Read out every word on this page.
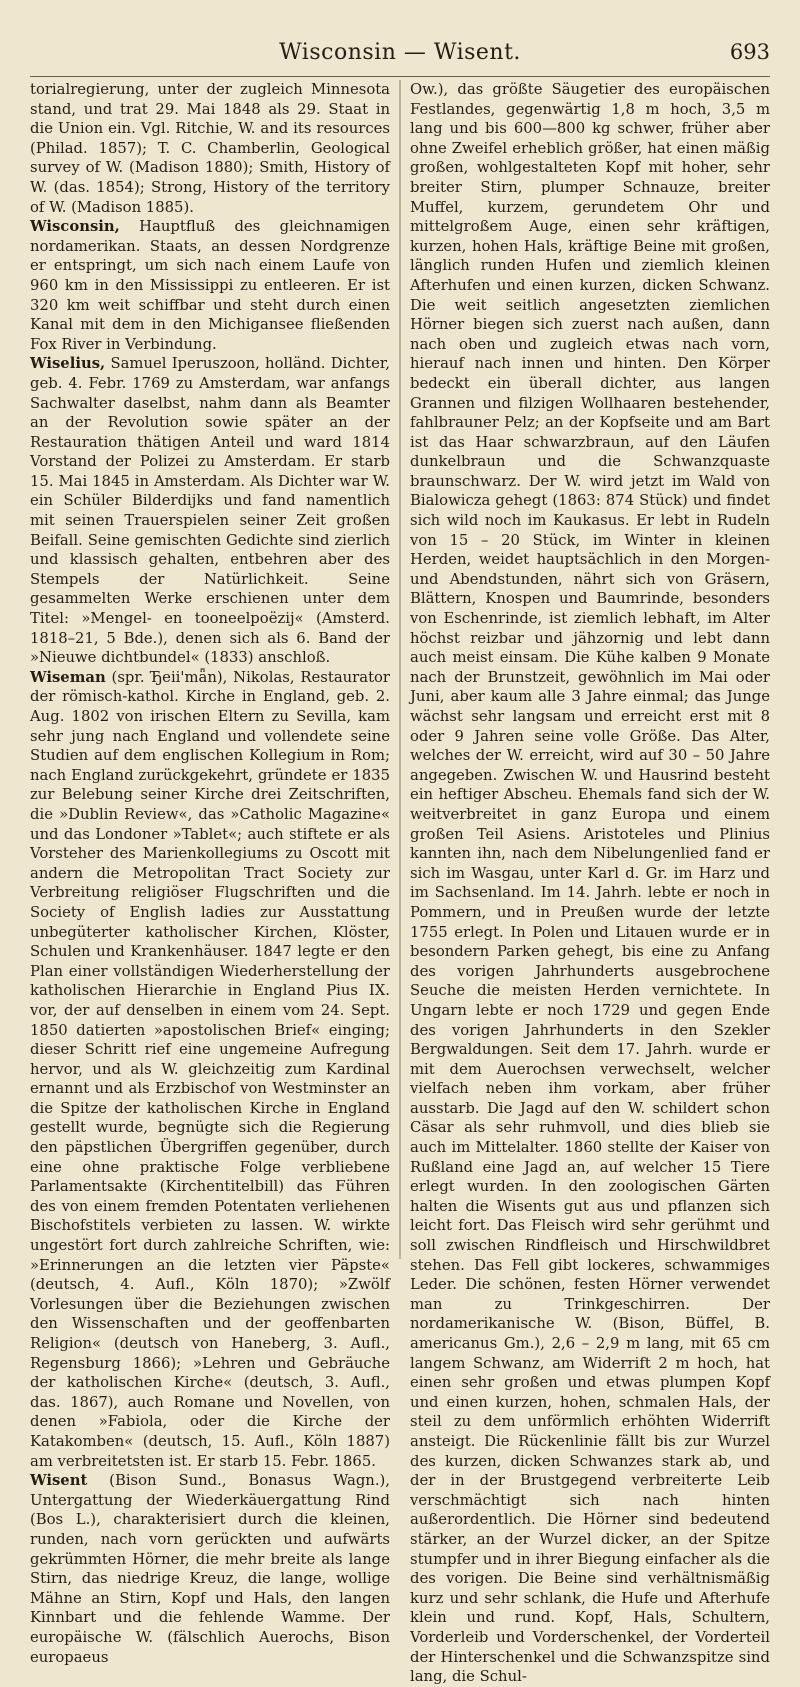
Wisconsin — Wisent.	693

torialregierung, unter der zugleich Minnesota stand, und trat 29. Mai 1848 als 29. Staat in die Union ein. Vgl. Ritchie, W. and its resources (Philad. 1857); T. C. Chamberlin, Geological survey of W. (Madison 1880); Smith, History of W. (das. 1854); Strong, History of the territory of W. (Madison 1885).

Wisconsin, Hauptfluß des gleichnamigen nordamerikan. Staats, an dessen Nordgrenze er entspringt, um sich nach einem Laufe von 960 km in den Mississippi zu entleeren. Er ist 320 km weit schiffbar und steht durch einen Kanal mit dem in den Michigansee fließenden Fox River in Verbindung.

Wiselius, Samuel Iperuszoon, holländ. Dichter, geb. 4. Febr. 1769 zu Amsterdam, war anfangs Sachwalter daselbst, nahm dann als Beamter an der Revolution sowie später an der Restauration thätigen Anteil und ward 1814 Vorstand der Polizei zu Amsterdam. Er starb 15. Mai 1845 in Amsterdam. Als Dichter war W. ein Schüler Bilderdijks und fand namentlich mit seinen Trauerspielen seiner Zeit großen Beifall. Seine gemischten Gedichte sind zierlich und klassisch gehalten, entbehren aber des Stempels der Natürlichkeit. Seine gesammelten Werke erschienen unter dem Titel: »Mengel- en tooneelpoëzij« (Amsterd. 1818–21, 5 Bde.), denen sich als 6. Band der »Nieuwe dichtbundel« (1833) anschloß.

Wiseman (spr. Ђeii'mǟn), Nikolas, Restaurator der römisch-kathol. Kirche in England, geb. 2. Aug. 1802 von irischen Eltern zu Sevilla, kam sehr jung nach England und vollendete seine Studien auf dem englischen Kollegium in Rom; nach England zurückgekehrt, gründete er 1835 zur Belebung seiner Kirche drei Zeitschriften, die »Dublin Review«, das »Catholic Magazine« und das Londoner »Tablet«; auch stiftete er als Vorsteher des Marienkollegiums zu Oscott mit andern die Metropolitan Tract Society zur Verbreitung religiöser Flugschriften und die Society of English ladies zur Ausstattung unbegüterter katholischer Kirchen, Klöster, Schulen und Krankenhäuser. 1847 legte er den Plan einer vollständigen Wiederherstellung der katholischen Hierarchie in England Pius IX. vor, der auf denselben in einem vom 24. Sept. 1850 datierten »apostolischen Brief« einging; dieser Schritt rief eine ungemeine Aufregung hervor, und als W. gleichzeitig zum Kardinal ernannt und als Erzbischof von Westminster an die Spitze der katholischen Kirche in England gestellt wurde, begnügte sich die Regierung den päpstlichen Übergriffen gegenüber, durch eine ohne praktische Folge verbliebene Parlamentsakte (Kirchentitelbill) das Führen des von einem fremden Potentaten verliehenen Bischofstitels verbieten zu lassen. W. wirkte ungestört fort durch zahlreiche Schriften, wie: »Erinnerungen an die letzten vier Päpste« (deutsch, 4. Aufl., Köln 1870); »Zwölf Vorlesungen über die Beziehungen zwischen den Wissenschaften und der geoffenbarten Religion« (deutsch von Haneberg, 3. Aufl., Regensburg 1866); »Lehren und Gebräuche der katholischen Kirche« (deutsch, 3. Aufl., das. 1867), auch Romane und Novellen, von denen »Fabiola, oder die Kirche der Katakomben« (deutsch, 15. Aufl., Köln 1887) am verbreitetsten ist. Er starb 15. Febr. 1865.

Wisent (Bison Sund., Bonasus Wagn.), Untergattung der Wiederkäuergattung Rind (Bos L.), charakterisiert durch die kleinen, runden, nach vorn gerückten und aufwärts gekrümmten Hörner, die mehr breite als lange Stirn, das niedrige Kreuz, die lange, wollige Mähne an Stirn, Kopf und Hals, den langen Kinnbart und die fehlende Wamme. Der europäische W. (fälschlich Auerochs, Bison europaeus

Ow.), das größte Säugetier des europäischen Festlandes, gegenwärtig 1,8 m hoch, 3,5 m lang und bis 600—800 kg schwer, früher aber ohne Zweifel erheblich größer, hat einen mäßig großen, wohlgestalteten Kopf mit hoher, sehr breiter Stirn, plumper Schnauze, breiter Muffel, kurzem, gerundetem Ohr und mittelgroßem Auge, einen sehr kräftigen, kurzen, hohen Hals, kräftige Beine mit großen, länglich runden Hufen und ziemlich kleinen Afterhufen und einen kurzen, dicken Schwanz. Die weit seitlich angesetzten ziemlichen Hörner biegen sich zuerst nach außen, dann nach oben und zugleich etwas nach vorn, hierauf nach innen und hinten. Den Körper bedeckt ein überall dichter, aus langen Grannen und filzigen Wollhaaren bestehender, fahlbrauner Pelz; an der Kopfseite und am Bart ist das Haar schwarzbraun, auf den Läufen dunkelbraun und die Schwanzquaste braunschwarz. Der W. wird jetzt im Wald von Bialowicza gehegt (1863: 874 Stück) und findet sich wild noch im Kaukasus. Er lebt in Rudeln von 15 – 20 Stück, im Winter in kleinen Herden, weidet hauptsächlich in den Morgen- und Abendstunden, nährt sich von Gräsern, Blättern, Knospen und Baumrinde, besonders von Eschenrinde, ist ziemlich lebhaft, im Alter höchst reizbar und jähzornig und lebt dann auch meist einsam. Die Kühe kalben 9 Monate nach der Brunstzeit, gewöhnlich im Mai oder Juni, aber kaum alle 3 Jahre einmal; das Junge wächst sehr langsam und erreicht erst mit 8 oder 9 Jahren seine volle Größe. Das Alter, welches der W. erreicht, wird auf 30 – 50 Jahre angegeben. Zwischen W. und Hausrind besteht ein heftiger Abscheu. Ehemals fand sich der W. weitverbreitet in ganz Europa und einem großen Teil Asiens. Aristoteles und Plinius kannten ihn, nach dem Nibelungenlied fand er sich im Wasgau, unter Karl d. Gr. im Harz und im Sachsenland. Im 14. Jahrh. lebte er noch in Pommern, und in Preußen wurde der letzte 1755 erlegt. In Polen und Litauen wurde er in besondern Parken gehegt, bis eine zu Anfang des vorigen Jahrhunderts ausgebrochene Seuche die meisten Herden vernichtete. In Ungarn lebte er noch 1729 und gegen Ende des vorigen Jahrhunderts in den Szekler Bergwaldungen. Seit dem 17. Jahrh. wurde er mit dem Auerochsen verwechselt, welcher vielfach neben ihm vorkam, aber früher ausstarb. Die Jagd auf den W. schildert schon Cäsar als sehr ruhmvoll, und dies blieb sie auch im Mittelalter. 1860 stellte der Kaiser von Rußland eine Jagd an, auf welcher 15 Tiere erlegt wurden. In den zoologischen Gärten halten die Wisents gut aus und pflanzen sich leicht fort. Das Fleisch wird sehr gerühmt und soll zwischen Rindfleisch und Hirschwildbret stehen. Das Fell gibt lockeres, schwammiges Leder. Die schönen, festen Hörner verwendet man zu Trinkgeschirren. Der nordamerikanische W. (Bison, Büffel, B. americanus Gm.), 2,6 – 2,9 m lang, mit 65 cm langem Schwanz, am Widerrift 2 m hoch, hat einen sehr großen und etwas plumpen Kopf und einen kurzen, hohen, schmalen Hals, der steil zu dem unförmlich erhöhten Widerrift ansteigt. Die Rückenlinie fällt bis zur Wurzel des kurzen, dicken Schwanzes stark ab, und der in der Brustgegend verbreiterte Leib verschmächtigt sich nach hinten außerordentlich. Die Hörner sind bedeutend stärker, an der Wurzel dicker, an der Spitze stumpfer und in ihrer Biegung einfacher als die des vorigen. Die Beine sind verhältnismäßig kurz und sehr schlank, die Hufe und Afterhufe klein und rund. Kopf, Hals, Schultern, Vorderleib und Vorderschenkel, der Vorderteil der Hinterschenkel und die Schwanzspitze sind lang, die Schul-
